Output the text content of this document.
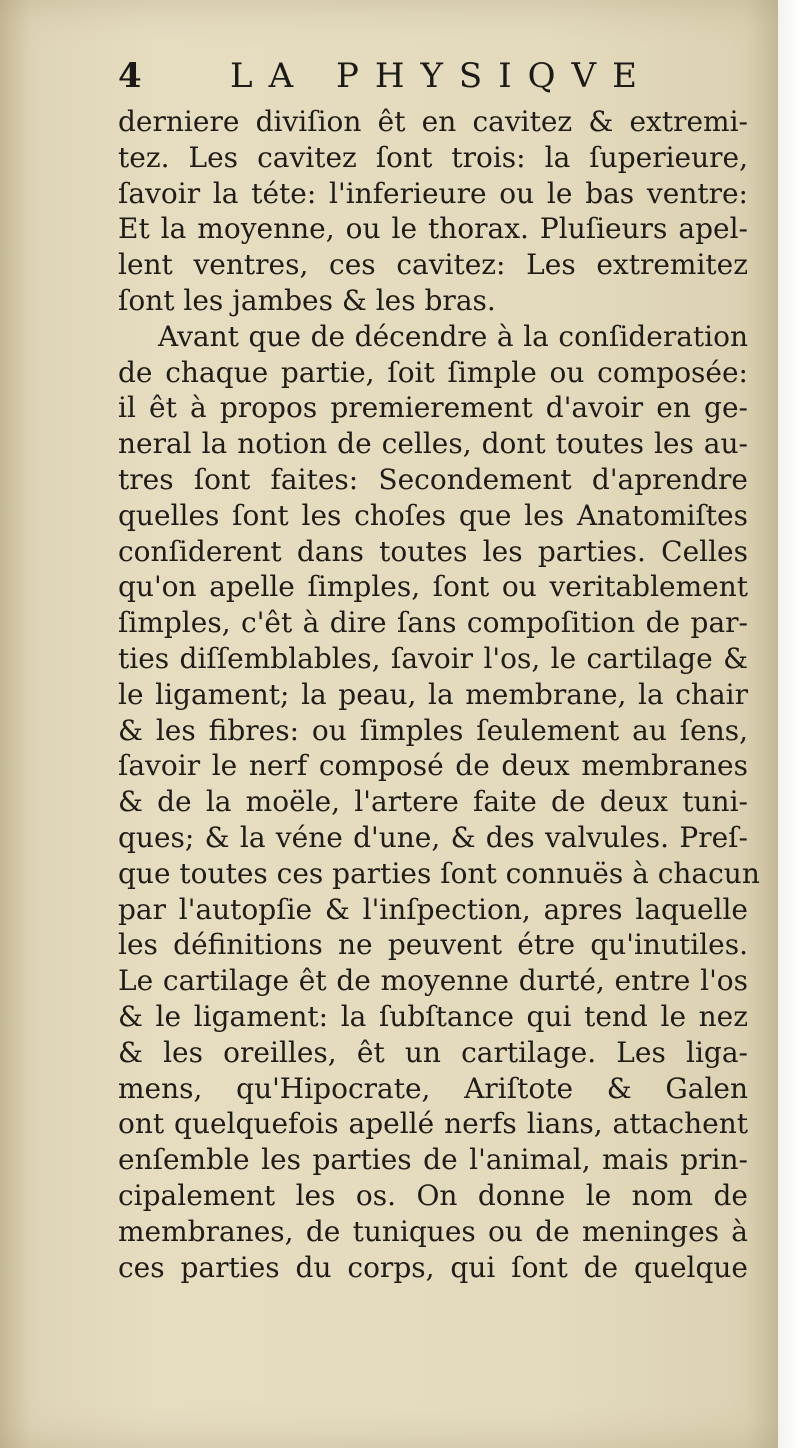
4	LA PHYSIQVE
derniere diviſion êt en cavitez & extremi-
tez. Les cavitez ſont trois: la ſuperieure,
ſavoir la téte: l'inferieure ou le bas ventre:
Et la moyenne, ou le thorax. Pluſieurs apel-
lent ventres, ces cavitez: Les extremitez
ſont les jambes & les bras.
Avant que de décendre à la conſideration
de chaque partie, ſoit ſimple ou composée:
il êt à propos premierement d'avoir en ge-
neral la notion de celles, dont toutes les au-
tres ſont faites: Secondement d'aprendre
quelles ſont les choſes que les Anatomiſtes
conſiderent dans toutes les parties. Celles
qu'on apelle ſimples, ſont ou veritablement
ſimples, c'êt à dire ſans compoſition de par-
ties diſſemblables, ſavoir l'os, le cartilage &
le ligament; la peau, la membrane, la chair
& les fibres: ou ſimples ſeulement au ſens,
ſavoir le nerf composé de deux membranes
& de la moële, l'artere faite de deux tuni-
ques; & la véne d'une, & des valvules. Preſ-
que toutes ces parties ſont connuës à chacun
par l'autopſie & l'inſpection, apres laquelle
les définitions ne peuvent étre qu'inutiles.
Le cartilage êt de moyenne durté, entre l'os
& le ligament: la ſubſtance qui tend le nez
& les oreilles, êt un cartilage. Les liga-
mens, qu'Hipocrate, Ariſtote & Galen
ont quelquefois apellé nerfs lians, attachent
enſemble les parties de l'animal, mais prin-
cipalement les os. On donne le nom de
membranes, de tuniques ou de meninges à
ces parties du corps, qui ſont de quelque
